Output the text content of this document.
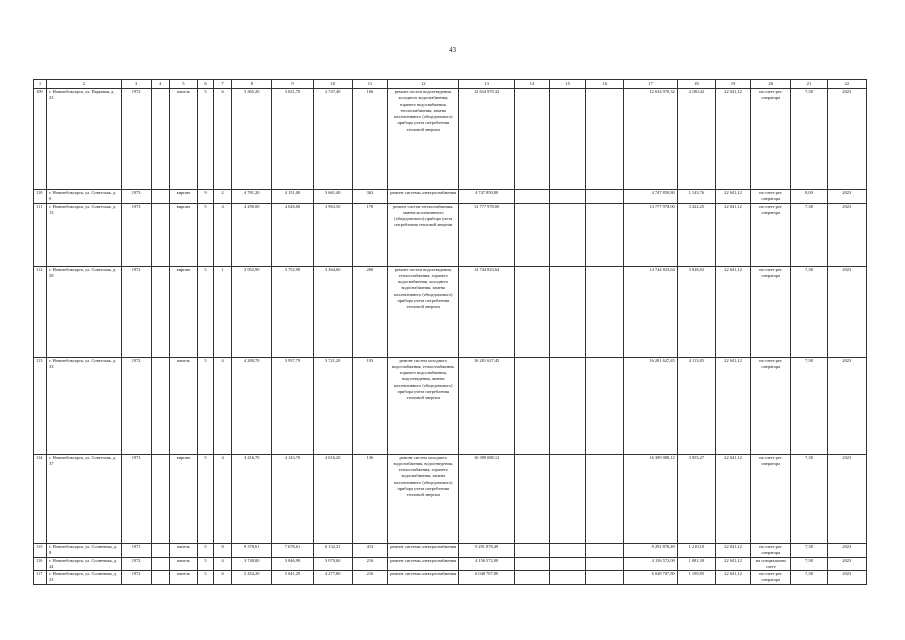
43
1	2	3	4	5	6	7	8	9	10	11	12	13	14	15	16	17	18	19	20	21	22
109	г. Новочебоксарск, ул. Парковая, д. 23	1972		панель	5	6	3 365,20	3 021,70	2 747,40	166	ремонт систем водоотведения, холодного водоснабжения, горячего водоснабжения, теплоснабжения, замена коллективного (общедомового) прибора учета потребления тепловой энергии	12 634 970,32				12 634 970,32	4 180,42	22 041,12	на счете рег. оператора	7,38	2023
110	г. Новочебоксарск, ул. Советская, д. 9	1973		кирпич	9	2	4 781,20	4 151,00	3 661,40	362	ремонт системы электроснабжения	4 747 850,80				4 747 850,80	1 143,76	22 041,12	на счете рег. оператора	8,00	2023
111	г. Новочебоксарск, ул. Советская, д. 13	1973		кирпич	5	4	4 290,00	4 026,00	3 963,50	178	ремонт систем теплоснабжения, замена коллективного (общедомового) прибора учета потребления тепловой энергии	13 777 978,00				13 777 978,00	3 422,25	22 041,12	на счете рег. оператора	7,38	2023
112	г. Новочебоксарск, ул. Советская, д. 29	1972		кирпич	5	1	3 952,90	3 752,90	3 364,60	260	ремонт систем водоотведения, теплоснабжения, горячего водоснабжения, холодного водоснабжения, замена коллективного (общедомового) прибора учета потребления тепловой энергии	14 744 823,64				14 744 823,64	3 928,92	22 041,12	на счете рег. оператора	7,38	2023
113	г. Новочебоксарск, ул. Советская, д. 33	1972		панель	5	4	4 280,70	3 957,79	3 721,20	193	ремонт систем холодного водоснабжения, теплоснабжения, горячего водоснабжения, водоотведения, замена коллективного (общедомового) прибора учета потребления тепловой энергии	16 281 627,45				16 281 627,45	4 113,85	22 041,12	на счете рег. оператора	7,38	2023
114	г. Новочебоксарск, ул. Советская, д. 37	1973		кирпич	5	4	4 416,70	4 143,70	4 016,20	136	ремонт систем холодного водоснабжения, водоотведения, теплоснабжения, горячего водоснабжения, замена коллективного (общедомового) прибора учета потребления тепловой энергии	16 389 088,12				16 389 088,12	3 955,27	22 041,12	на счете рег. оператора	7,38	2023
115	г. Новочебоксарск, ул. Солнечная, д. 8	1971		панель	5	8	8 378,61	7 678,61	6 132,21	413	ремонт системы электроснабжения	9 291 878,49				9 291 878,49	1 210,10	22 041,12	на счете рег. оператора	7,38	2023
116	г. Новочебоксарск, ул. Солнечная, д. 24	1972		панель	5	4	3 748,00	3 846,90	3 070,60	216	ремонт системы электроснабжения	4 156 572,00				4 156 572,00	1 081,30	22 041,12	на специальном счете	7,38	2023
117	г. Новочебоксарск, ул. Солнечная, д. 23	1972		панель	5	6	5 454,20	5 041,29	4 277,80	216	ремонт системы электроснабжения	6 048 707,80				6 048 707,80	1 199,85	22 041,12	на счете рег. оператора	7,38	2023
